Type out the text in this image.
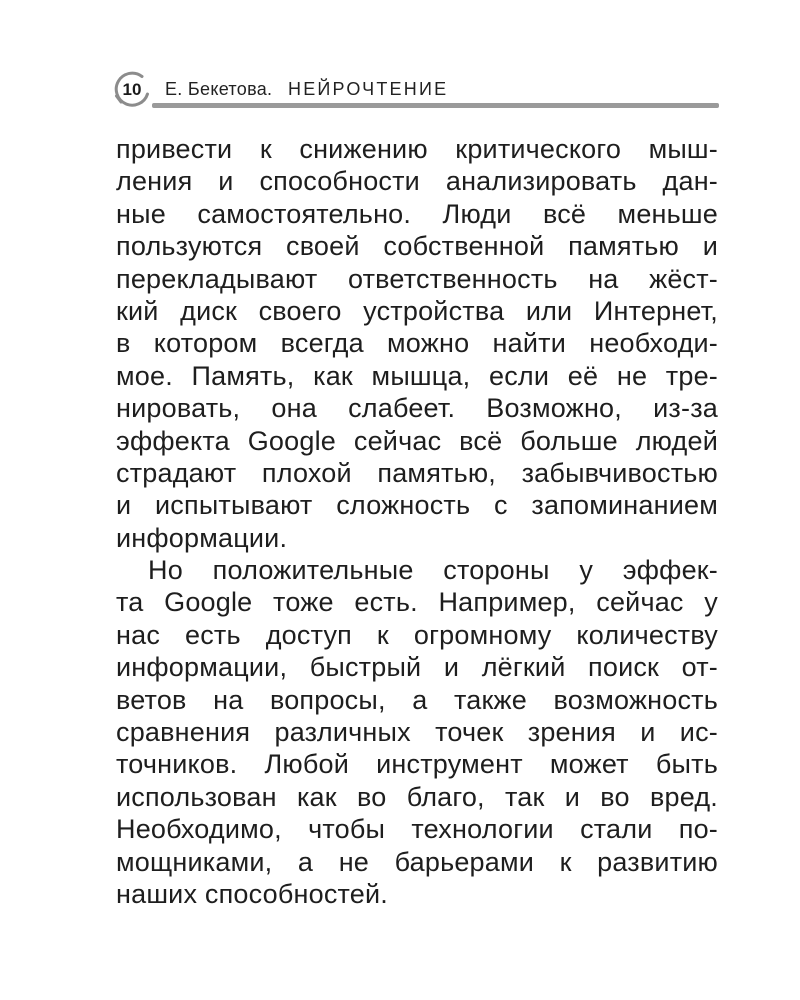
10	Е. Бекетова. НЕЙРОЧТЕНИЕ
привести к снижению критического мыш-
ления и способности анализировать дан-
ные самостоятельно. Люди всё меньше
пользуются своей собственной памятью и
перекладывают ответственность на жёст-
кий диск своего устройства или Интернет,
в котором всегда можно найти необходи-
мое. Память, как мышца, если её не тре-
нировать, она слабеет. Возможно, из-за
эффекта Google сейчас всё больше людей
страдают плохой памятью, забывчивостью
и испытывают сложность с запоминанием
информации.
Но положительные стороны у эффек-
та Google тоже есть. Например, сейчас у
нас есть доступ к огромному количеству
информации, быстрый и лёгкий поиск от-
ветов на вопросы, а также возможность
сравнения различных точек зрения и ис-
точников. Любой инструмент может быть
использован как во благо, так и во вред.
Необходимо, чтобы технологии стали по-
мощниками, а не барьерами к развитию
наших способностей.
